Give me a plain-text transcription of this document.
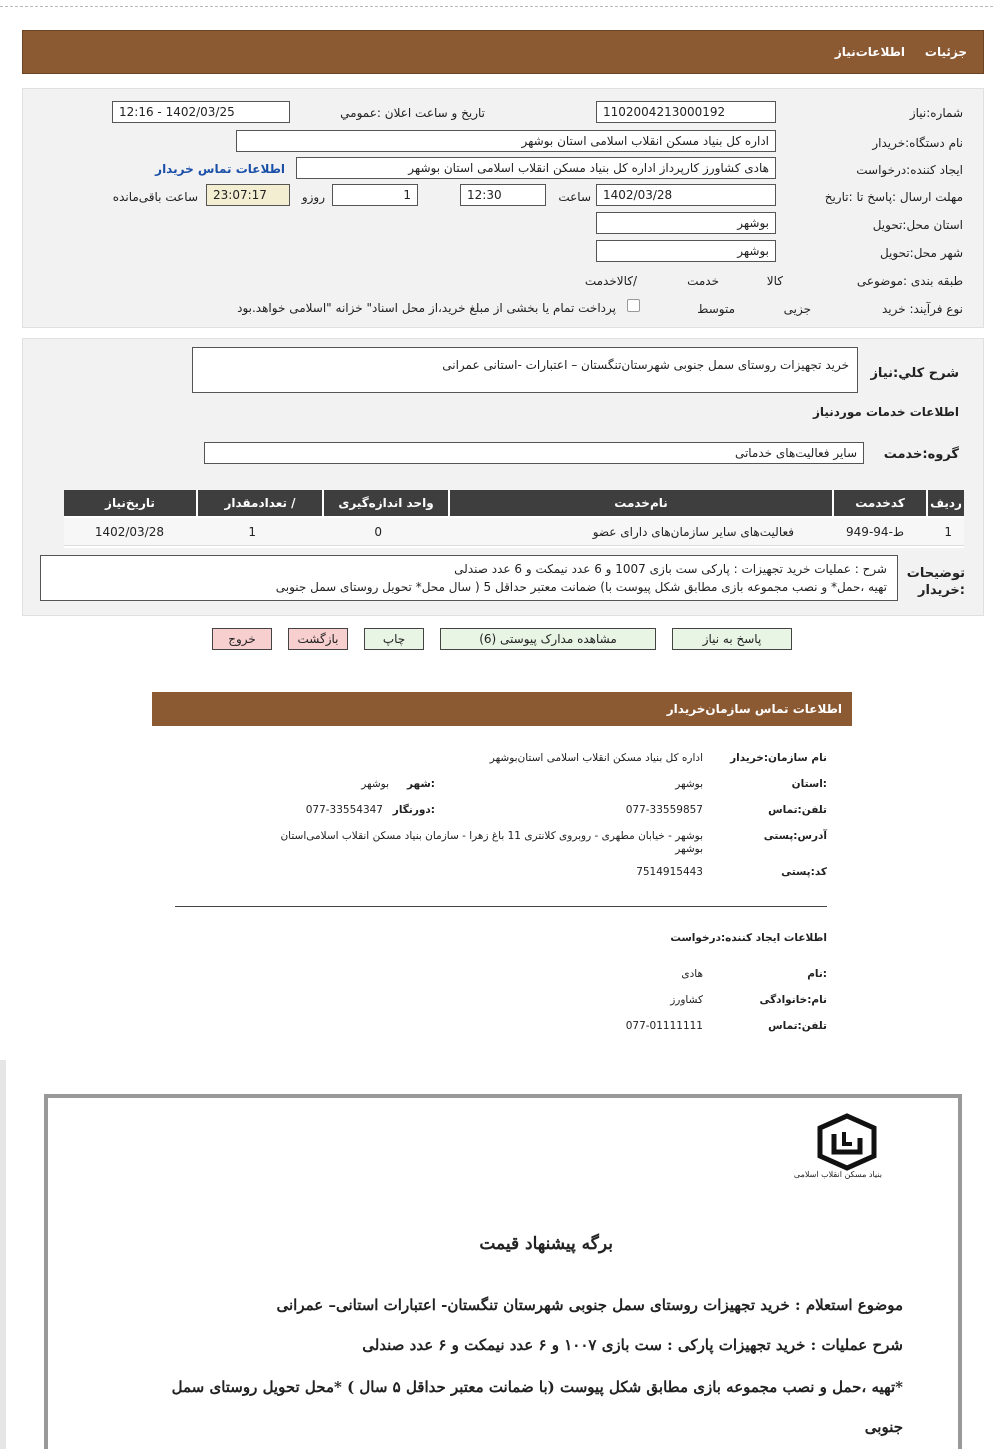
جزئیات
اطلاعات‌نیاز
شماره:نیاز
1102004213000192
تاریخ و ساعت اعلان :عمومي
1402/03/25 - 12:16
نام دستگاه:خریدار
اداره کل بنیاد مسکن انقلاب اسلامی استان بوشهر
ایجاد کننده:درخواست
هادی کشاورز کارپرداز اداره کل بنیاد مسکن انقلاب اسلامی استان بوشهر
اطلاعات تماس خریدار
مهلت ارسال :پاسخ تا :تاریخ
1402/03/28
ساعت
12:30
1
روزو
23:07:17
ساعت باقی‌مانده
استان محل:تحویل
بوشهر
شهر محل:تحویل
بوشهر
طبقه بندی :موضوعی

کالا

خدمت

/کالاخدمت
نوع فرآیند: خرید

جزیی
متوسط
پرداخت تمام یا بخشی از مبلغ خرید،از محل اسناد" خزانه "اسلامی خواهد.بود
شرح کلي:نیاز
خرید تجهیزات روستای سمل جنوبی شهرستان‌تنگستان – اعتبارات -استانی عمرانی
اطلاعات خدمات موردنیاز
گروه:خدمت
سایر فعالیت‌های خدماتی
ردیف
کدخدمت
نام‌خدمت
واحد اندازه‌گیری
/ تعدادمقدار
تاریخ‌نیاز
1
ط-94-949
فعالیت‌های سایر سازمان‌های دارای عضو
0
1
1402/03/28
توضیحات
:خریدار
شرح : عملیات خرید تجهیزات : پارکی ست بازی 1007 و 6 عدد نیمکت و 6 عدد صندلی
تهیه ،حمل* و نصب مجموعه بازی مطابق شکل پیوست با) ضمانت معتبر حداقل 5 ( سال محل* تحویل روستای سمل جنوبی
پاسخ به نیاز
مشاهده مدارک پیوستی (6)
چاپ
بازگشت
خروج
اطلاعات تماس سازمان‌خریدار
نام سازمان:خریدار
اداره کل بنیاد مسکن انقلاب اسلامی استان‌بوشهر
:استان
بوشهر
:شهر
بوشهر
تلفن:تماس
077-33559857
:دورنگار
077-33554347
آدرس:پستی
بوشهر - خیابان مطهری - روبروی کلانتری 11 باغ زهرا - سازمان بنیاد مسکن انقلاب اسلامی‌استان
بوشهر
کد:پستی
7514915443
اطلاعات ایجاد کننده:درخواست
:نام
هادی
نام:خانوادگی
کشاورز
تلفن:تماس
077-01111111
بنیاد مسکن انقلاب اسلامی
برگه پیشنهاد قیمت
موضوع استعلام : خرید تجهیزات روستای سمل جنوبی شهرستان تنگستان- اعتبارات استانی– عمرانی
شرح عملیات : خرید تجهیزات پارکی : ست بازی ۱۰۰۷ و ۶ عدد نیمکت و ۶ عدد صندلی
*تهیه ،حمل و نصب مجموعه بازی مطابق شکل پیوست (با ضمانت معتبر حداقل ۵ سال ) *محل تحویل روستای سمل
جنوبی
